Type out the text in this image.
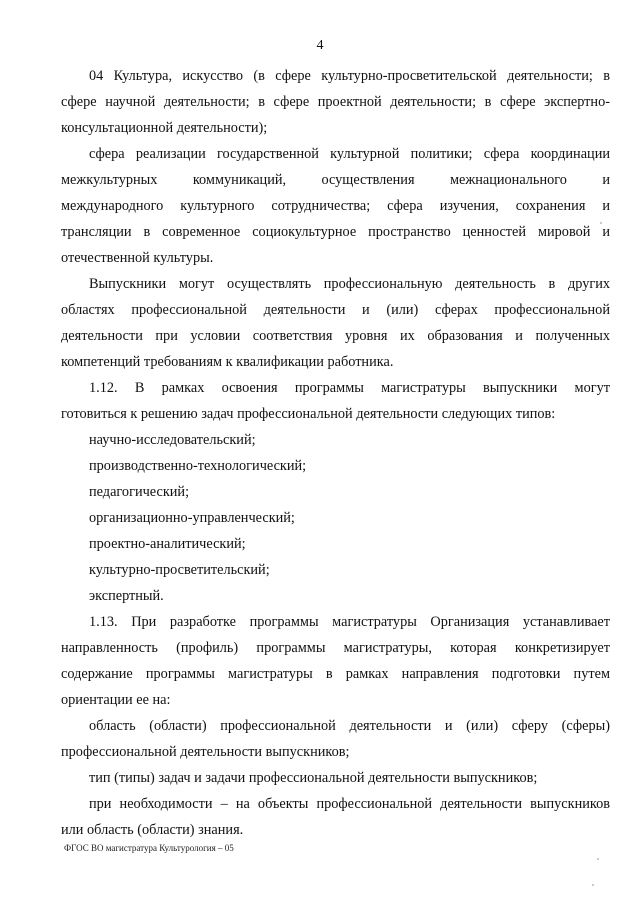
4
04 Культура, искусство (в сфере культурно-просветительской деятельности; в
сфере научной деятельности; в сфере проектной деятельности; в сфере экспертно-
консультационной деятельности);
сфера реализации государственной культурной политики; сфера координации
межкультурных коммуникаций, осуществления межнационального и
международного культурного сотрудничества; сфера изучения, сохранения и
трансляции в современное социокультурное пространство ценностей мировой и
отечественной культуры.
Выпускники могут осуществлять профессиональную деятельность в других
областях профессиональной деятельности и (или) сферах профессиональной
деятельности при условии соответствия уровня их образования и полученных
компетенций требованиям к квалификации работника.
1.12. В рамках освоения программы магистратуры выпускники могут
готовиться к решению задач профессиональной деятельности следующих типов:
научно-исследовательский;
производственно-технологический;
педагогический;
организационно-управленческий;
проектно-аналитический;
культурно-просветительский;
экспертный.
1.13. При разработке программы магистратуры Организация устанавливает
направленность (профиль) программы магистратуры, которая конкретизирует
содержание программы магистратуры в рамках направления подготовки путем
ориентации ее на:
область (области) профессиональной деятельности и (или) сферу (сферы)
профессиональной деятельности выпускников;
тип (типы) задач и задачи профессиональной деятельности выпускников;
при необходимости – на объекты профессиональной деятельности выпускников
или область (области) знания.
ФГОС ВО магистратура Культурология – 05
